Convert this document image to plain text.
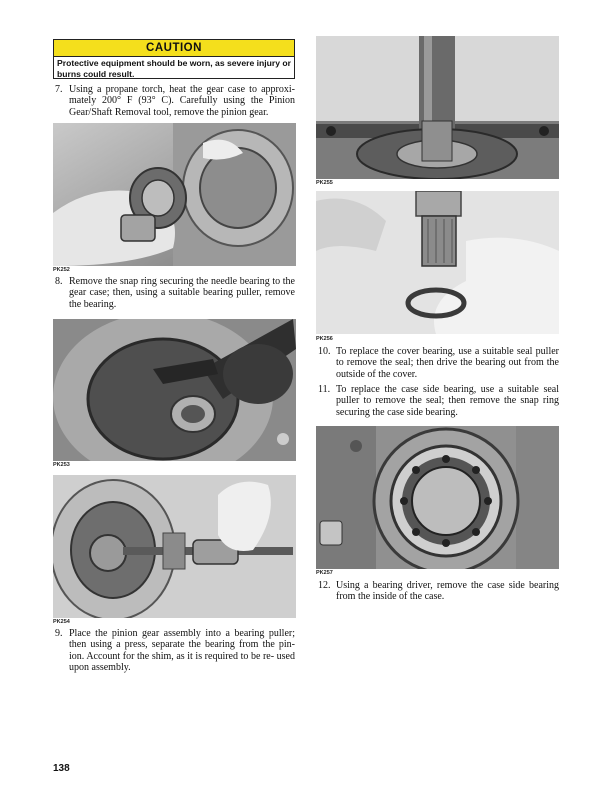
CAUTION
Protective equipment should be worn, as severe injury or burns could result.
7. Using a propane torch, heat the gear case to approxi- mately 200° F (93° C). Carefully using the Pinion Gear/Shaft Removal tool, remove the pinion gear.
PK252
8. Remove the snap ring securing the needle bearing to the gear case; then, using a suitable bearing puller, remove the bearing.
PK253
PK254
9. Place the pinion gear assembly into a bearing puller; then using a press, separate the bearing from the pin- ion. Account for the shim, as it is required to be re- used upon assembly.
PK255
PK256
10. To replace the cover bearing, use a suitable seal puller to remove the seal; then drive the bearing out from the outside of the cover.
11. To replace the case side bearing, use a suitable seal puller to remove the seal; then remove the snap ring securing the case side bearing.
PK257
12. Using a bearing driver, remove the case side bearing from the inside of the case.
138
